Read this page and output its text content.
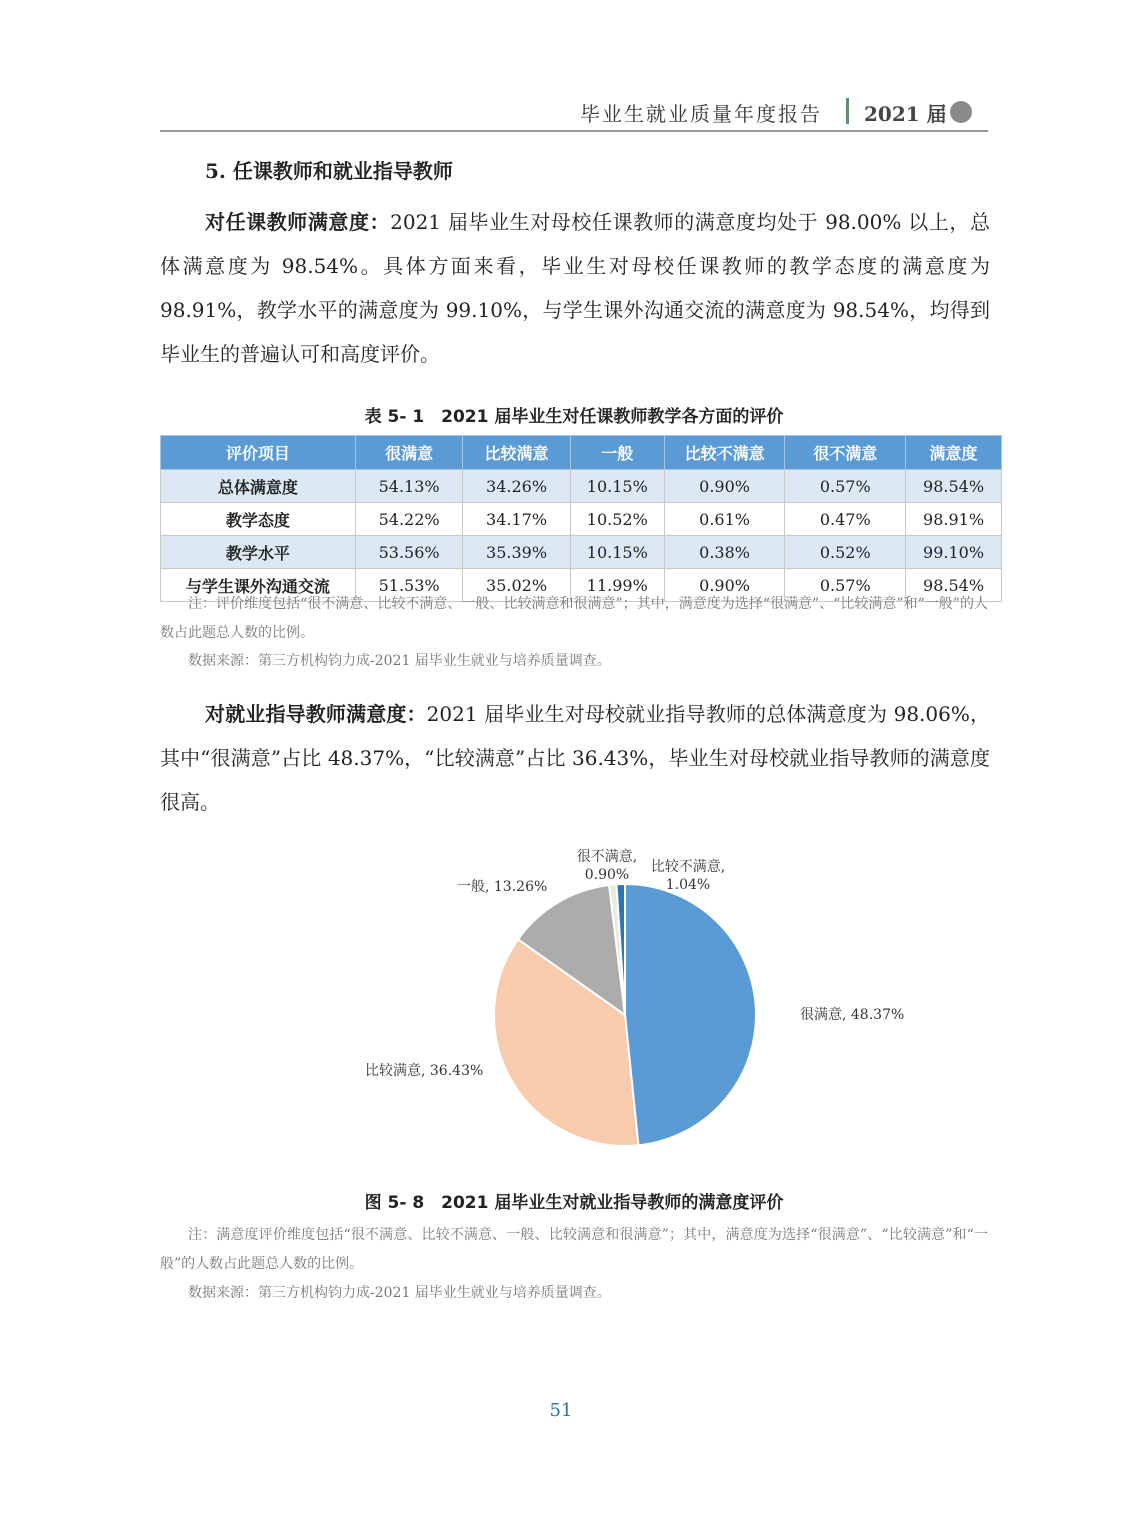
毕业生就业质量年度报告 2021 届
5. 任课教师和就业指导教师
对任课教师满意度：2021 届毕业生对母校任课教师的满意度均处于 98.00% 以上，总体满意度为 98.54%。具体方面来看，毕业生对母校任课教师的教学态度的满意度为 98.91%，教学水平的满意度为 99.10%，与学生课外沟通交流的满意度为 98.54%，均得到毕业生的普遍认可和高度评价。
表 5- 1　2021 届毕业生对任课教师教学各方面的评价
评价项目	很满意	比较满意	一般	比较不满意	很不满意	满意度
总体满意度	54.13%	34.26%	10.15%	0.90%	0.57%	98.54%
教学态度	54.22%	34.17%	10.52%	0.61%	0.47%	98.91%
教学水平	53.56%	35.39%	10.15%	0.38%	0.52%	99.10%
与学生课外沟通交流	51.53%	35.02%	11.99%	0.90%	0.57%	98.54%
注：评价维度包括“很不满意、比较不满意、一般、比较满意和很满意”；其中，满意度为选择“很满意”、“比较满意”和“一般”的人数占此题总人数的比例。
数据来源：第三方机构钧力成-2021 届毕业生就业与培养质量调查。
对就业指导教师满意度：2021 届毕业生对母校就业指导教师的总体满意度为 98.06%，其中“很满意”占比 48.37%，“比较满意”占比 36.43%，毕业生对母校就业指导教师的满意度很高。
很满意, 48.37%
比较满意, 36.43%
一般, 13.26%
很不满意, 0.90%	比较不满意, 1.04%
图 5- 8　2021 届毕业生对就业指导教师的满意度评价
注：满意度评价维度包括“很不满意、比较不满意、一般、比较满意和很满意”；其中，满意度为选择“很满意”、“比较满意”和“一般”的人数占此题总人数的比例。
数据来源：第三方机构钧力成-2021 届毕业生就业与培养质量调查。
51
